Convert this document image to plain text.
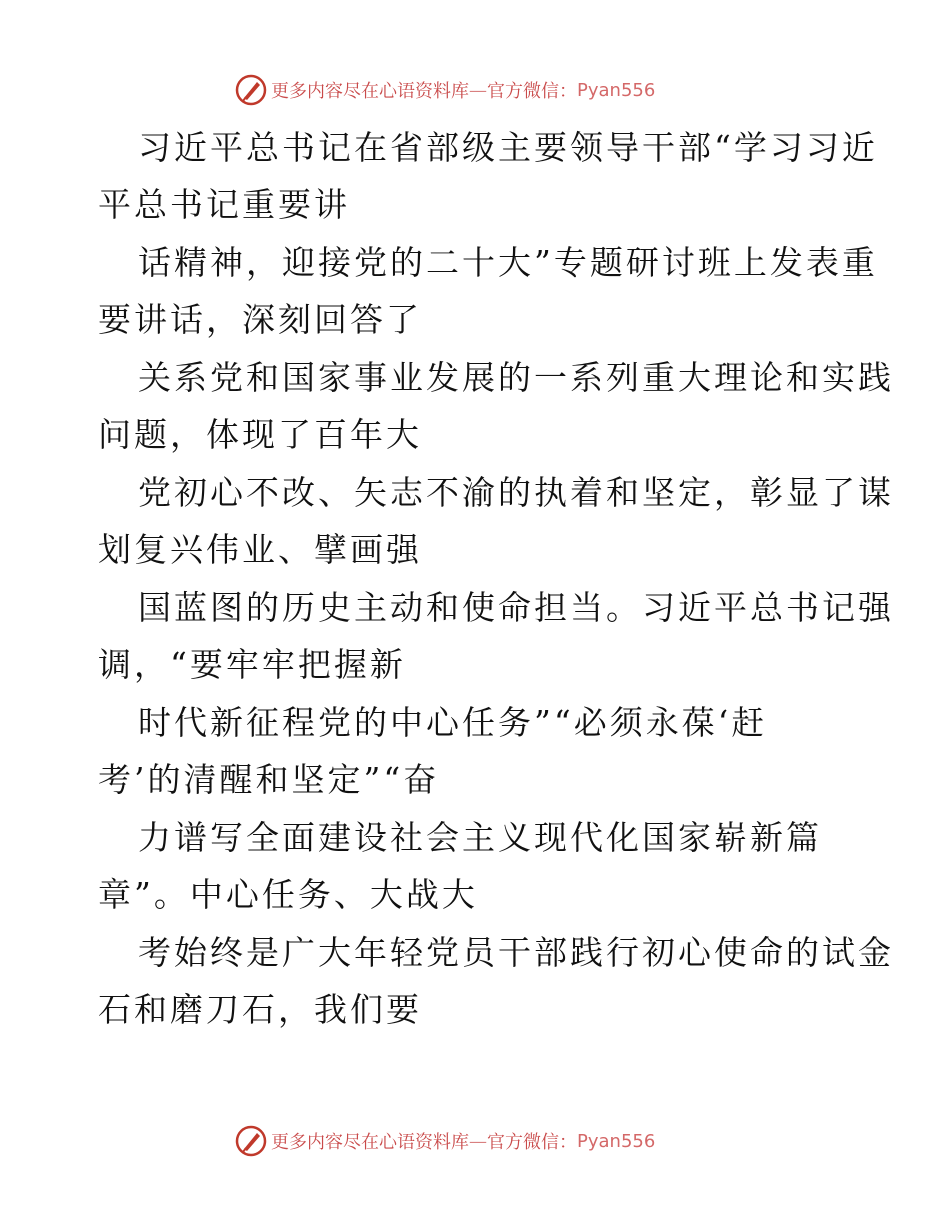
更多内容尽在心语资料库 — 官方微信： Pyan556
习近平总书记在省部级主要领导干部“学习习近
平总书记重要讲
话精神，迎接党的二十大”专题研讨班上发表重
要讲话，深刻回答了
关系党和国家事业发展的一系列重大理论和实践
问题，体现了百年大
党初心不改、矢志不渝的执着和坚定，彰显了谋
划复兴伟业、擘画强
国蓝图的历史主动和使命担当。习近平总书记强
调，“要牢牢把握新
时代新征程党的中心任务”“必须永葆‘赶
考’的清醒和坚定”“奋
力谱写全面建设社会主义现代化国家崭新篇
章”。中心任务、大战大
考始终是广大年轻党员干部践行初心使命的试金
石和磨刀石，我们要
更多内容尽在心语资料库 — 官方微信： Pyan556
